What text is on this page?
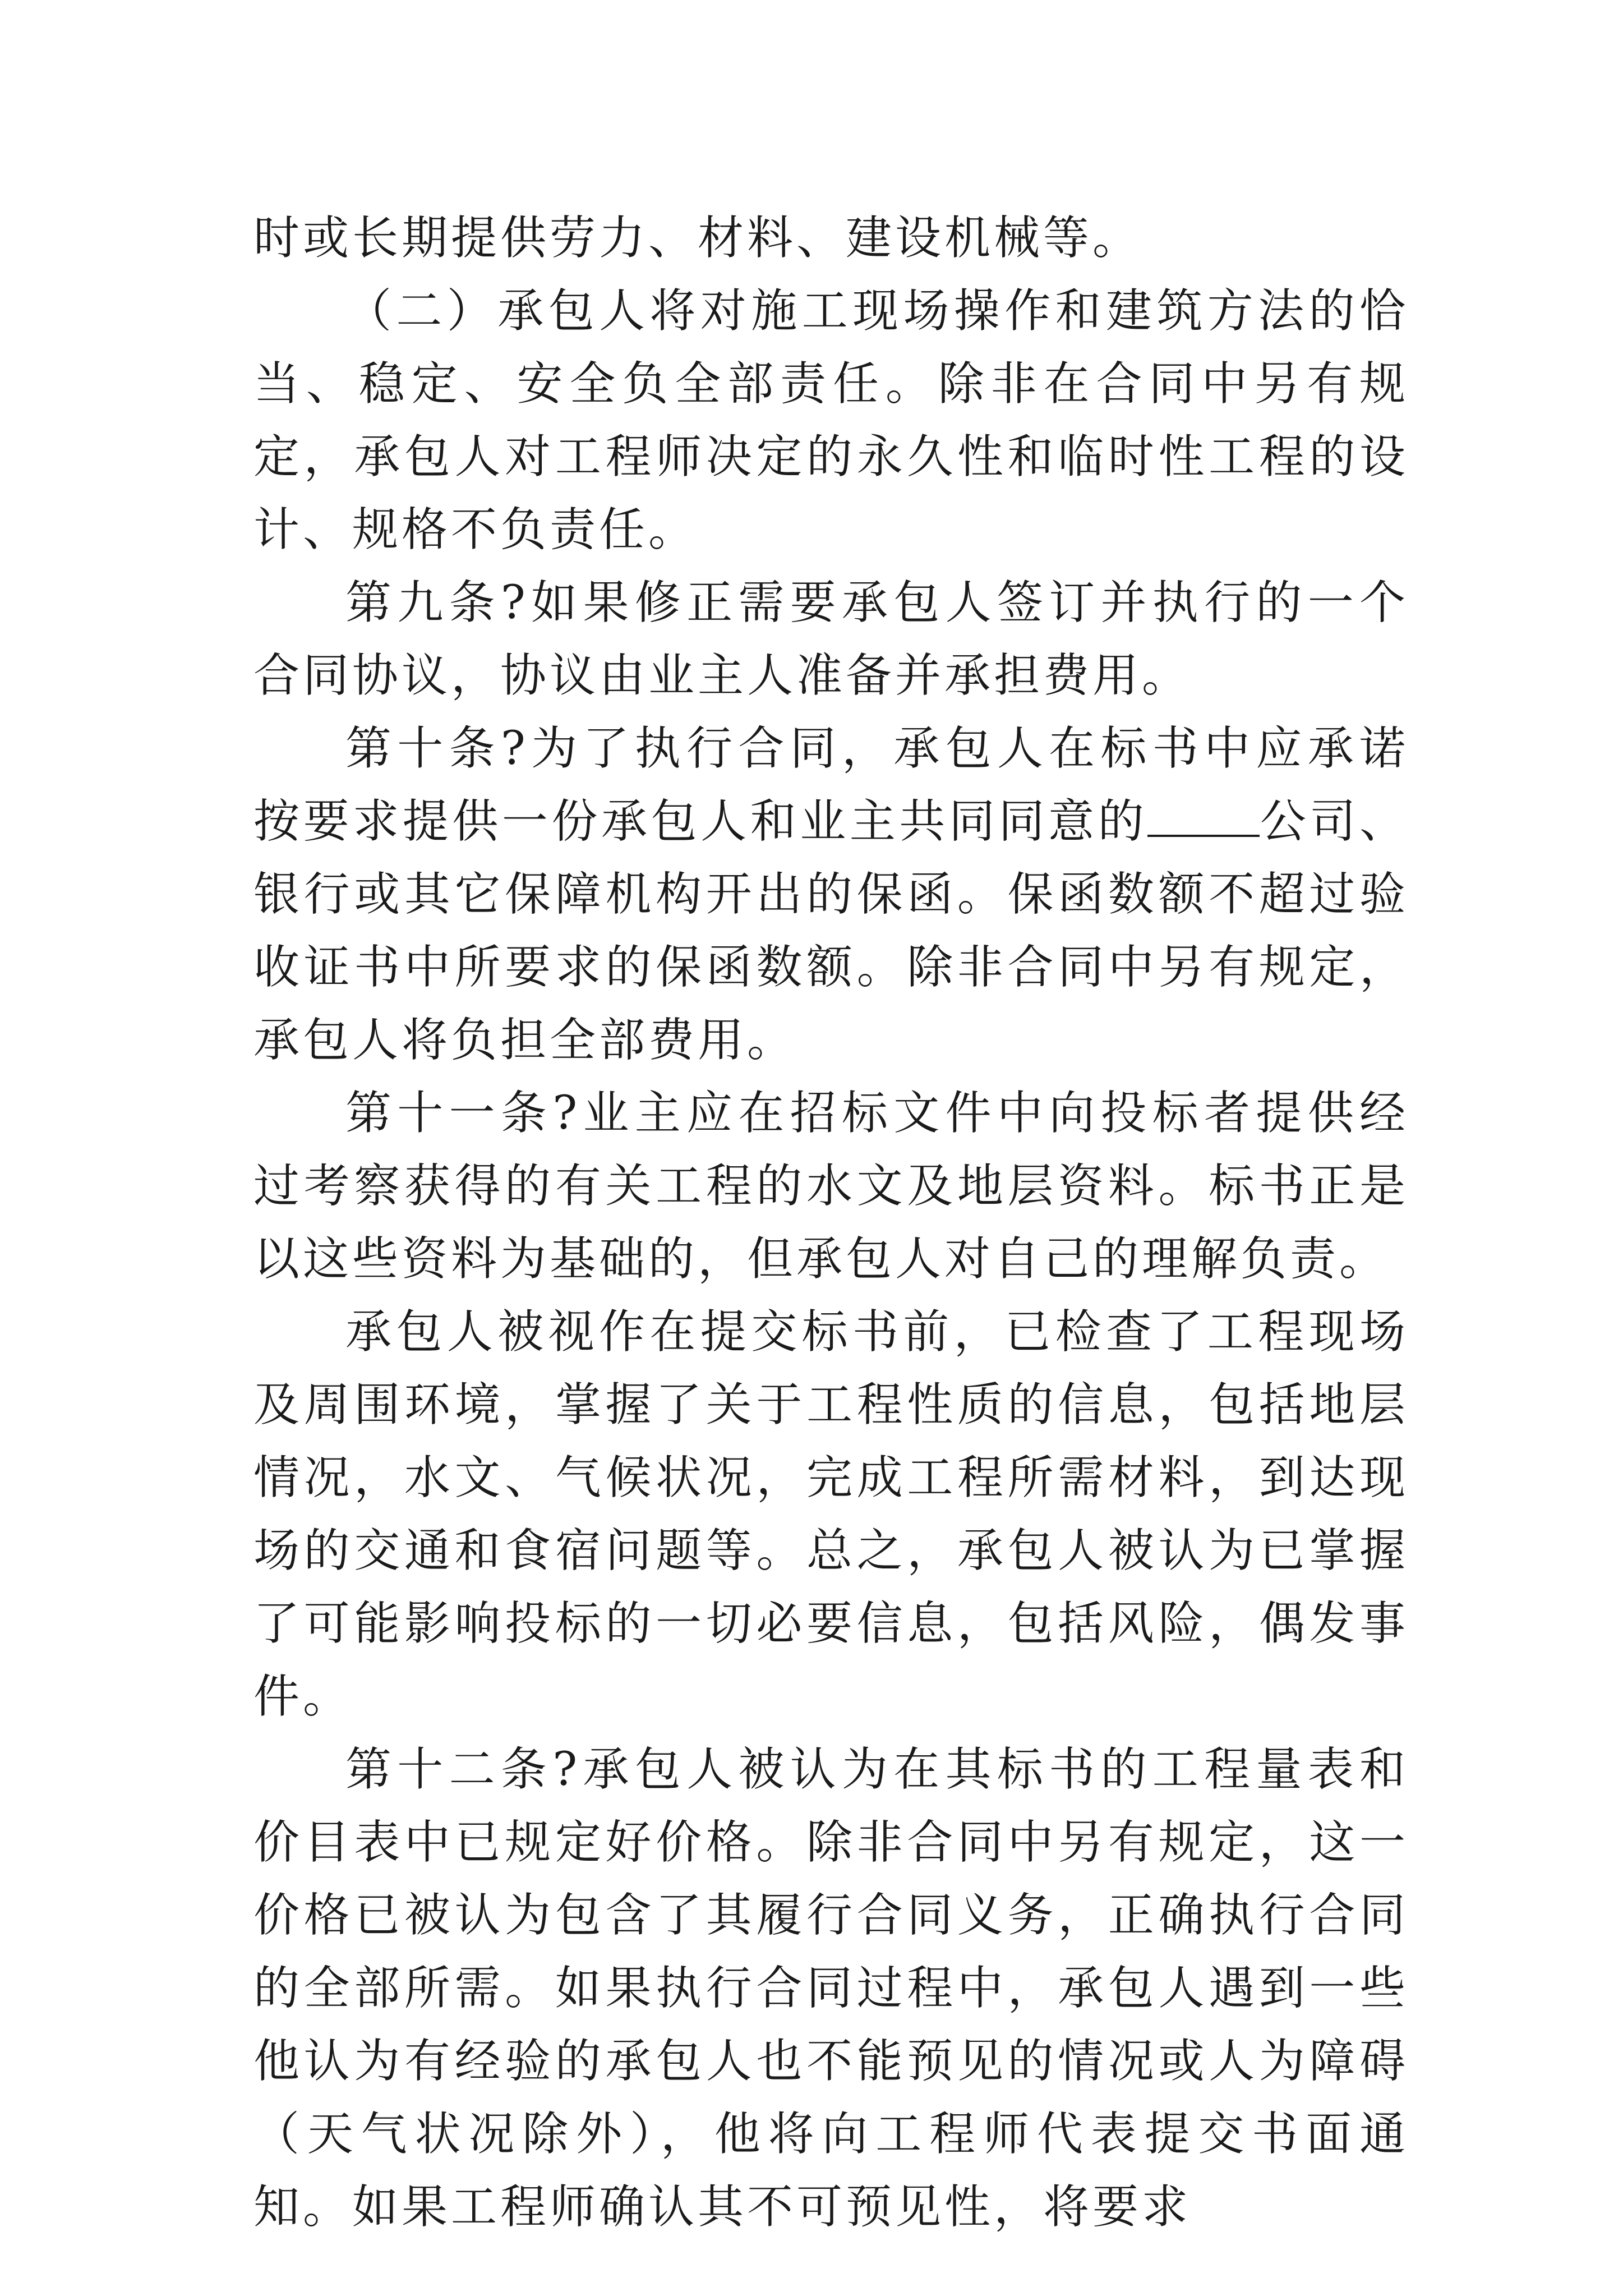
时或长期提供劳力、材料、建设机械等。

（二）承包人将对施工现场操作和建筑方法的恰当、稳定、安全负全部责任。除非在合同中另有规定，承包人对工程师决定的永久性和临时性工程的设计、规格不负责任。

第九条?如果修正需要承包人签订并执行的一个合同协议，协议由业主人准备并承担费用。

第十条?为了执行合同，承包人在标书中应承诺按要求提供一份承包人和业主共同同意的 公司、银行或其它保障机构开出的保函。保函数额不超过验收证书中所要求的保函数额。除非合同中另有规定，承包人将负担全部费用。

第十一条?业主应在招标文件中向投标者提供经过考察获得的有关工程的水文及地层资料。标书正是以这些资料为基础的，但承包人对自己的理解负责。

承包人被视作在提交标书前，已检查了工程现场及周围环境，掌握了关于工程性质的信息，包括地层情况，水文、气候状况，完成工程所需材料，到达现场的交通和食宿问题等。总之，承包人被认为已掌握了可能影响投标的一切必要信息，包括风险，偶发事件。

第十二条?承包人被认为在其标书的工程量表和价目表中已规定好价格。除非合同中另有规定，这一价格已被认为包含了其履行合同义务，正确执行合同的全部所需。如果执行合同过程中，承包人遇到一些他认为有经验的承包人也不能预见的情况或人为障碍（天气状况除外），他将向工程师代表提交书面通知。如果工程师确认其不可预见性，将要求
